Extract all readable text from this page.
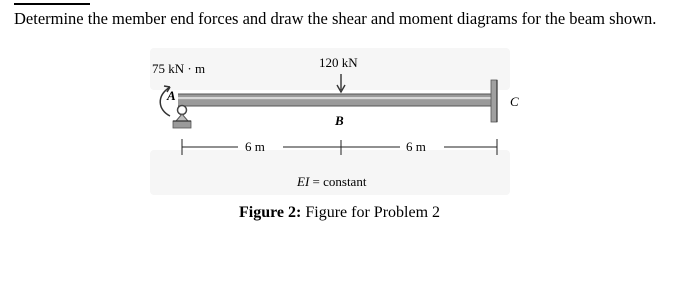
Determine the member end forces and draw the shear and moment diagrams for the beam shown.
75 kN · m	120 kN
A
B
C
6 m	6 m
EI = constant
Figure 2: Figure for Problem 2
